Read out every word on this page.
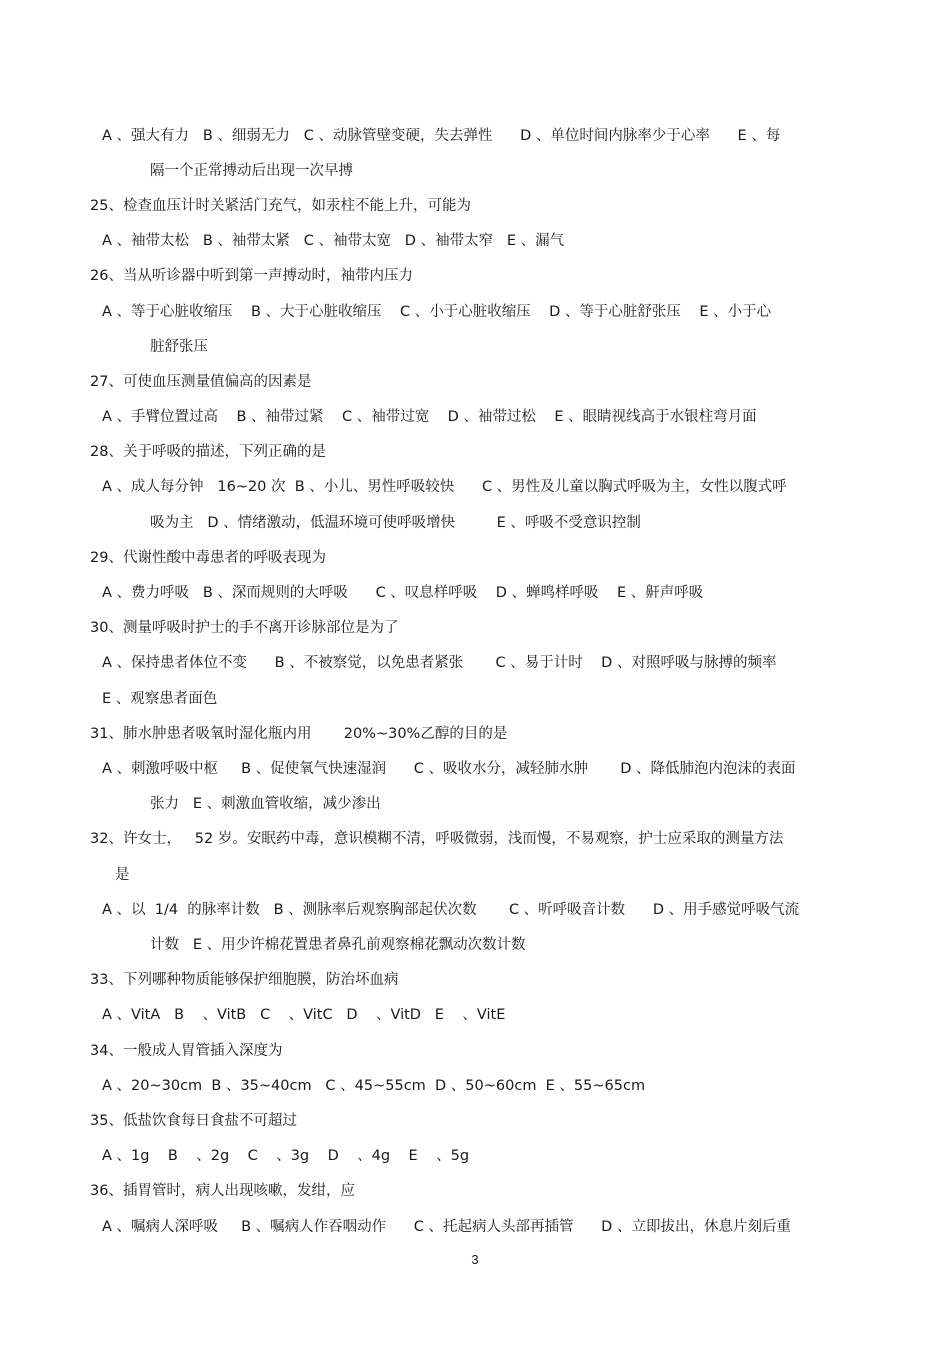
A 、强大有力   B 、细弱无力   C 、动脉管壁变硬，失去弹性      D 、单位时间内脉率少于心率      E 、每
隔一个正常搏动后出现一次早搏
25、检查血压计时关紧活门充气，如汞柱不能上升，可能为
A 、袖带太松   B 、袖带太紧   C 、袖带太宽   D 、袖带太窄   E 、漏气
26、当从听诊器中听到第一声搏动时，袖带内压力
A 、等于心脏收缩压    B 、大于心脏收缩压    C 、小于心脏收缩压    D 、等于心脏舒张压    E 、小于心
脏舒张压
27、可使血压测量值偏高的因素是
A 、手臂位置过高    B 、袖带过紧    C 、袖带过宽    D 、袖带过松    E 、眼睛视线高于水银柱弯月面
28、关于呼吸的描述，下列正确的是
A 、成人每分钟   16~20 次  B 、小儿、男性呼吸较快      C 、男性及儿童以胸式呼吸为主，女性以腹式呼
吸为主   D 、情绪激动，低温环境可使呼吸增快         E 、呼吸不受意识控制
29、代谢性酸中毒患者的呼吸表现为
A 、费力呼吸   B 、深而规则的大呼吸      C 、叹息样呼吸    D 、蝉鸣样呼吸    E 、鼾声呼吸
30、测量呼吸时护士的手不离开诊脉部位是为了
A 、保持患者体位不变      B 、不被察觉，以免患者紧张       C 、易于计时    D 、对照呼吸与脉搏的频率
E 、观察患者面色
31、肺水肿患者吸氧时湿化瓶内用       20%~30%乙醇的目的是
A 、刺激呼吸中枢     B 、促使氧气快速湿润      C 、吸收水分，减轻肺水肿       D 、降低肺泡内泡沫的表面
张力   E 、刺激血管收缩，减少渗出
32、许女士，   52 岁。安眠药中毒，意识模糊不清，呼吸微弱，浅而慢，不易观察，护士应采取的测量方法
是
A 、以  1/4  的脉率计数   B 、测脉率后观察胸部起伏次数       C 、听呼吸音计数      D 、用手感觉呼吸气流
计数   E 、用少许棉花置患者鼻孔前观察棉花飘动次数计数
33、下列哪种物质能够保护细胞膜，防治坏血病
A 、VitA   B    、VitB   C    、VitC   D    、VitD   E    、VitE
34、一般成人胃管插入深度为
A 、20~30cm  B 、35~40cm   C 、45~55cm  D 、50~60cm  E 、55~65cm
35、低盐饮食每日食盐不可超过
A 、1g    B    、2g    C    、3g    D    、4g    E    、5g
36、插胃管时，病人出现咳嗽，发绀，应
A 、嘱病人深呼吸     B 、嘱病人作吞咽动作      C 、托起病人头部再插管      D 、立即拔出，休息片刻后重
3
